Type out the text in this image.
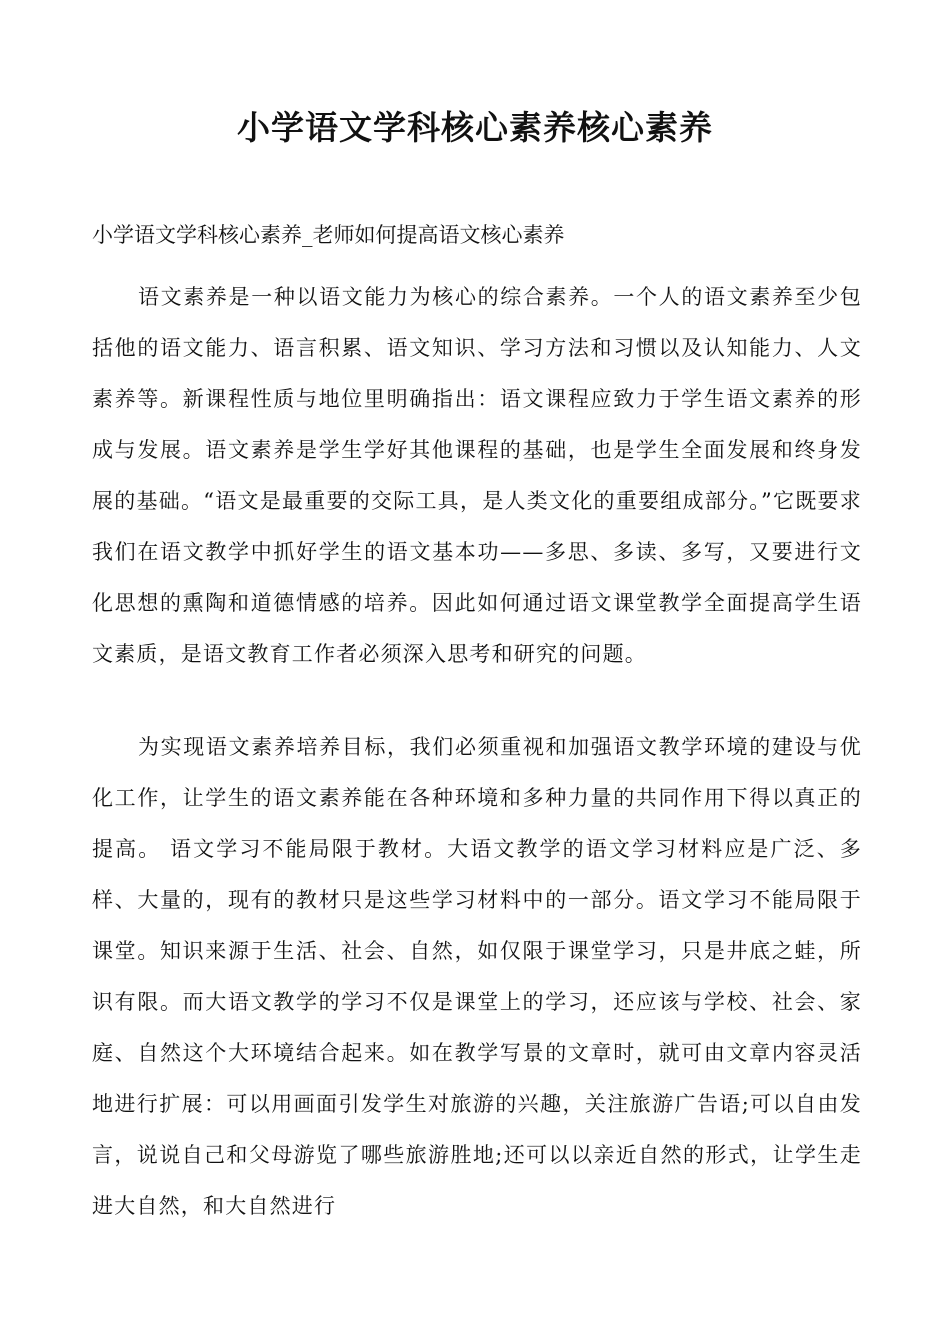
小学语文学科核心素养核心素养

小学语文学科核心素养_老师如何提高语文核心素养

语文素养是一种以语文能力为核心的综合素养。一个人的语文素养至少包括他的语文能力、语言积累、语文知识、学习方法和习惯以及认知能力、人文素养等。新课程性质与地位里明确指出：语文课程应致力于学生语文素养的形成与发展。语文素养是学生学好其他课程的基础，也是学生全面发展和终身发展的基础。“语文是最重要的交际工具，是人类文化的重要组成部分。”它既要求我们在语文教学中抓好学生的语文基本功——多思、多读、多写，又要进行文化思想的熏陶和道德情感的培养。因此如何通过语文课堂教学全面提高学生语文素质，是语文教育工作者必须深入思考和研究的问题。

为实现语文素养培养目标，我们必须重视和加强语文教学环境的建设与优化工作，让学生的语文素养能在各种环境和多种力量的共同作用下得以真正的提高。 语文学习不能局限于教材。大语文教学的语文学习材料应是广泛、多样、大量的，现有的教材只是这些学习材料中的一部分。语文学习不能局限于课堂。知识来源于生活、社会、自然，如仅限于课堂学习，只是井底之蛙，所识有限。而大语文教学的学习不仅是课堂上的学习，还应该与学校、社会、家庭、自然这个大环境结合起来。如在教学写景的文章时，就可由文章内容灵活地进行扩展：可以用画面引发学生对旅游的兴趣，关注旅游广告语;可以自由发言，说说自己和父母游览了哪些旅游胜地;还可以以亲近自然的形式，让学生走进大自然，和大自然进行
